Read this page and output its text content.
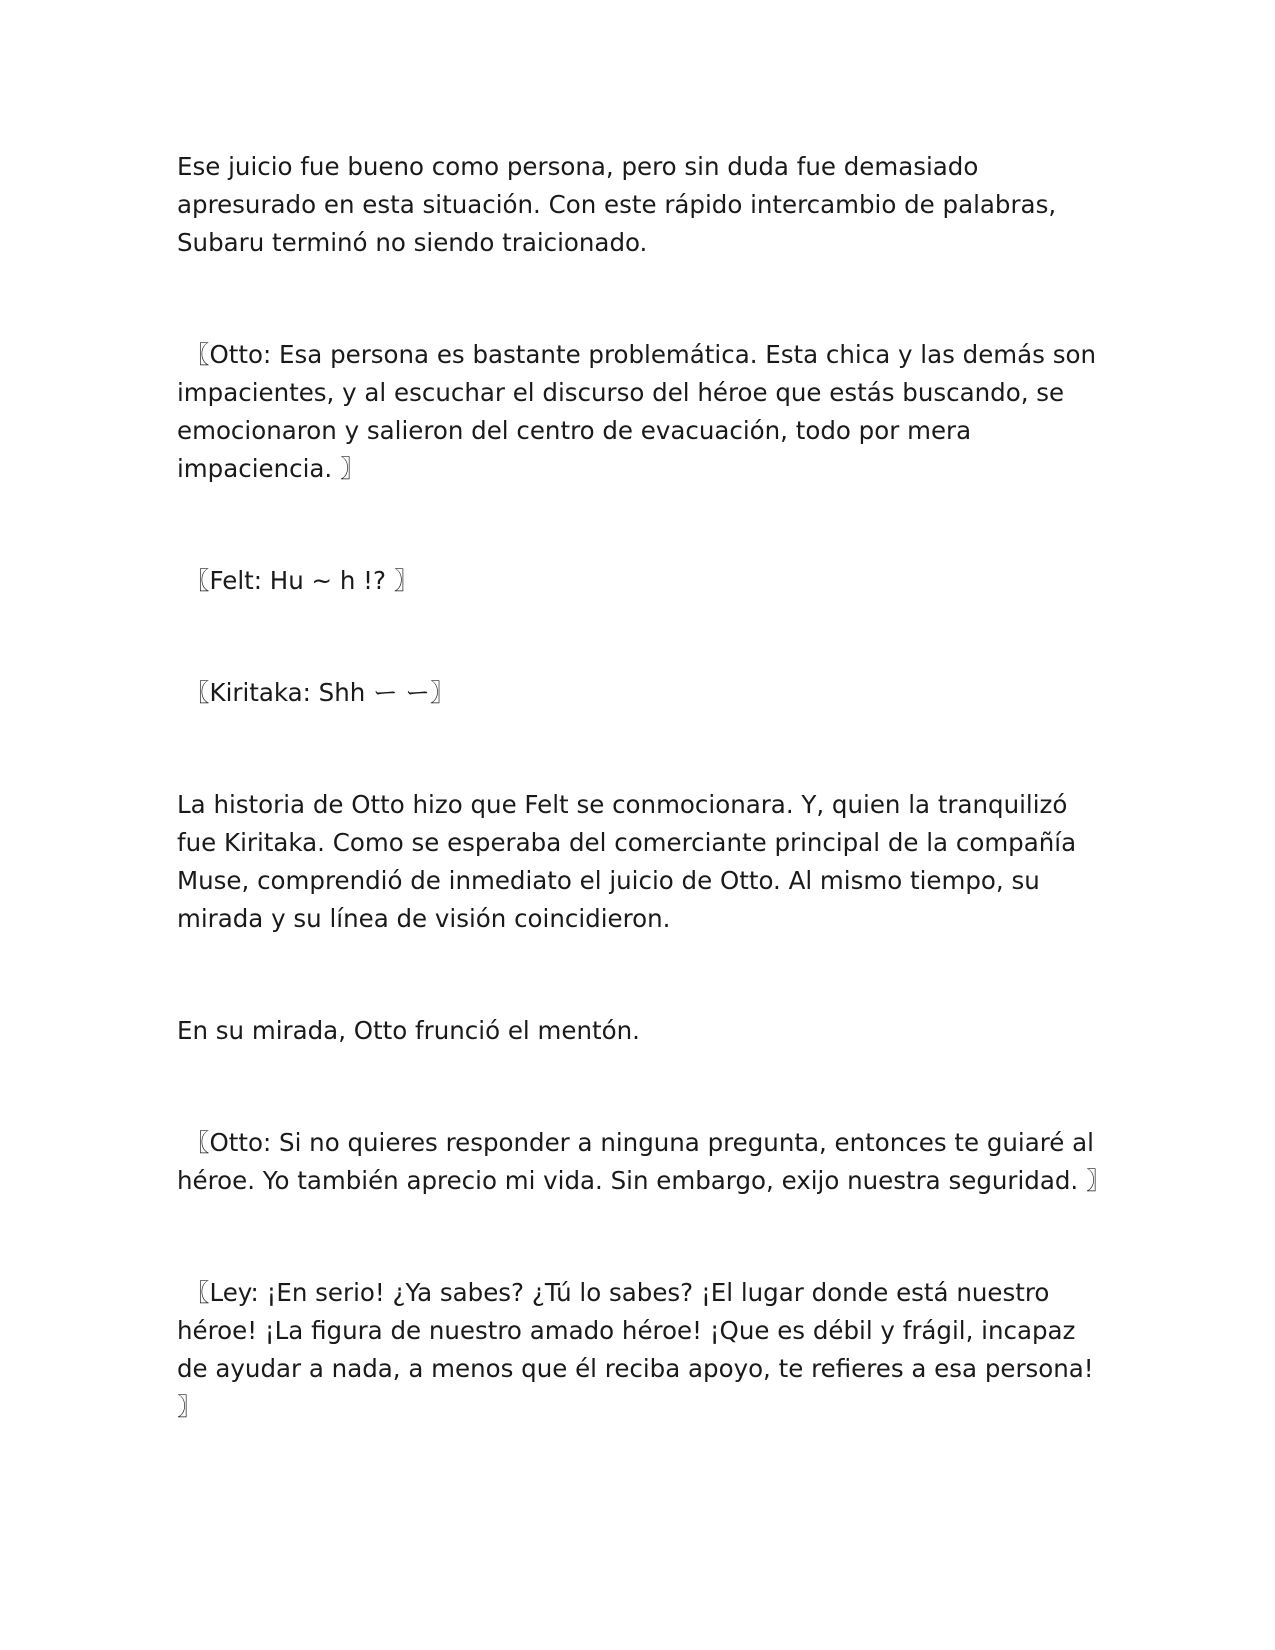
Ese juicio fue bueno como persona, pero sin duda fue demasiado apresurado en esta situación. Con este rápido intercambio de palabras, Subaru terminó no siendo traicionado.

〖Otto: Esa persona es bastante problemática. Esta chica y las demás son impacientes, y al escuchar el discurso del héroe que estás buscando, se emocionaron y salieron del centro de evacuación, todo por mera impaciencia. 〗

〖Felt: Hu ~ h !? 〗

〖Kiritaka: Shh ー ー〗

La historia de Otto hizo que Felt se conmocionara. Y, quien la tranquilizó fue Kiritaka. Como se esperaba del comerciante principal de la compañía Muse, comprendió de inmediato el juicio de Otto. Al mismo tiempo, su mirada y su línea de visión coincidieron.

En su mirada, Otto frunció el mentón.

〖Otto: Si no quieres responder a ninguna pregunta, entonces te guiaré al héroe. Yo también aprecio mi vida. Sin embargo, exijo nuestra seguridad. 〗

〖Ley: ¡En serio! ¿Ya sabes? ¿Tú lo sabes? ¡El lugar donde está nuestro héroe! ¡La figura de nuestro amado héroe! ¡Que es débil y frágil, incapaz de ayudar a nada, a menos que él reciba apoyo, te refieres a esa persona! 〗
